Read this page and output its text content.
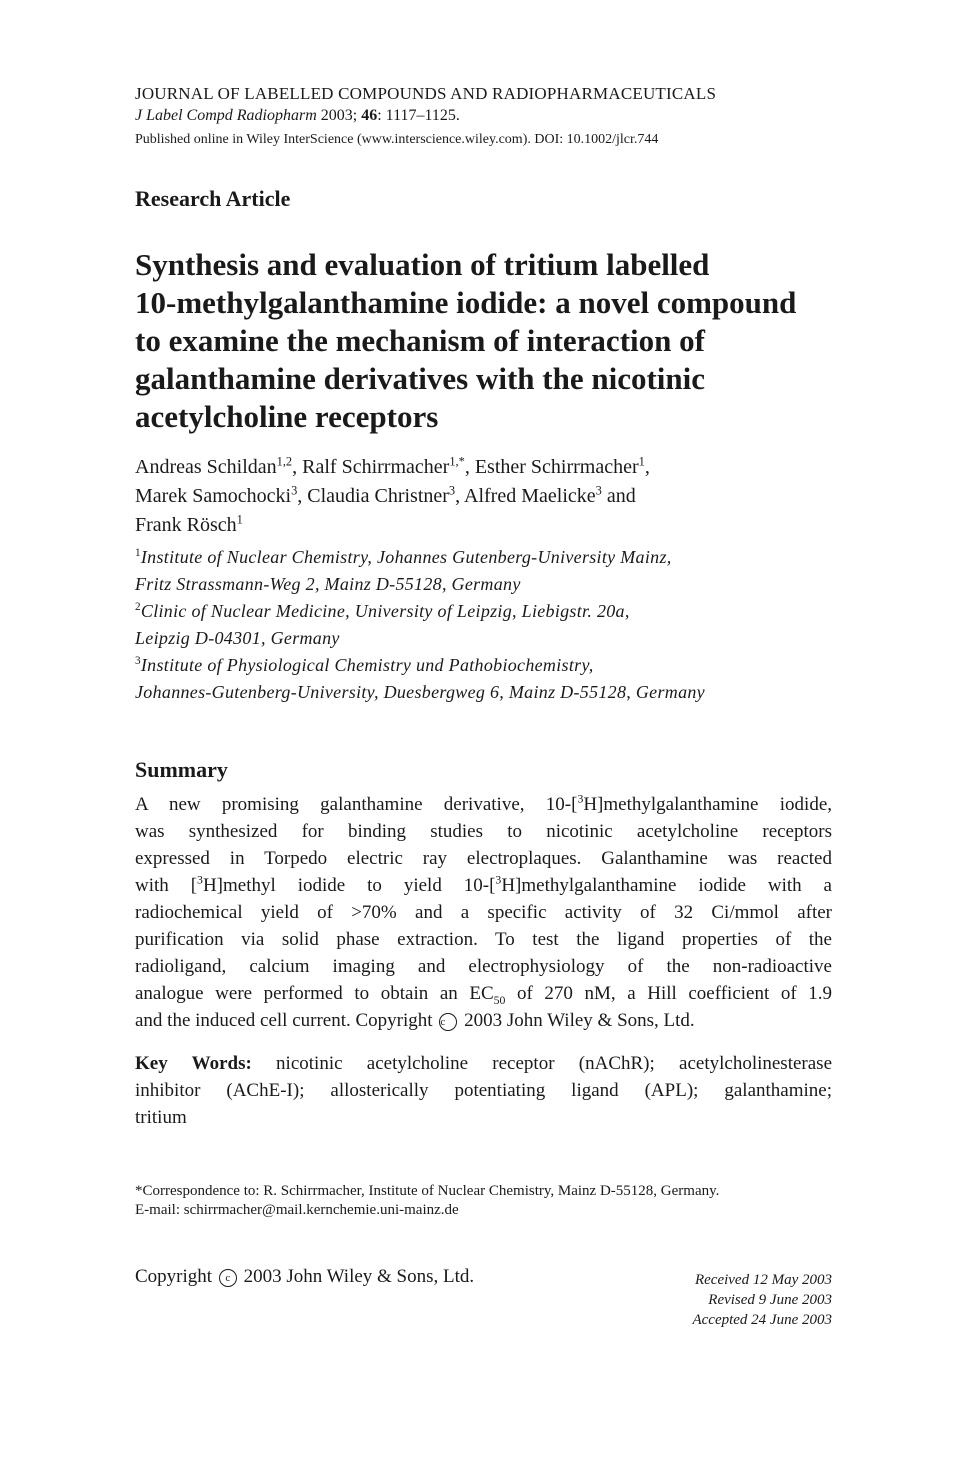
JOURNAL OF LABELLED COMPOUNDS AND RADIOPHARMACEUTICALS
J Label Compd Radiopharm 2003; 46: 1117–1125.
Published online in Wiley InterScience (www.interscience.wiley.com). DOI: 10.1002/jlcr.744
Research Article
Synthesis and evaluation of tritium labelled
10-methylgalanthamine iodide: a novel compound
to examine the mechanism of interaction of
galanthamine derivatives with the nicotinic
acetylcholine receptors
Andreas Schildan$^{1,2}$, Ralf Schirrmacher$^{1,*}$, Esther Schirrmacher$^1$,
Marek Samochocki$^3$, Claudia Christner$^3$, Alfred Maelicke$^3$ and
Frank Rösch$^1$
$^1$Institute of Nuclear Chemistry, Johannes Gutenberg-University Mainz,
Fritz Strassmann-Weg 2, Mainz D-55128, Germany
$^2$Clinic of Nuclear Medicine, University of Leipzig, Liebigstr. 20a,
Leipzig D-04301, Germany
$^3$Institute of Physiological Chemistry und Pathobiochemistry,
Johannes-Gutenberg-University, Duesbergweg 6, Mainz D-55128, Germany
Summary
A new promising galanthamine derivative, 10-[$^3$H]methylgalanthamine iodide,
was synthesized for binding studies to nicotinic acetylcholine receptors
expressed in Torpedo electric ray electroplaques. Galanthamine was reacted
with [$^3$H]methyl iodide to yield 10-[$^3$H]methylgalanthamine iodide with a
radiochemical yield of >70% and a specific activity of 32 Ci/mmol after
purification via solid phase extraction. To test the ligand properties of the
radioligand, calcium imaging and electrophysiology of the non-radioactive
analogue were performed to obtain an $EC_{50}$ of 270 nM, a Hill coefficient of 1.9
and the induced cell current. Copyright c 2003 John Wiley & Sons, Ltd.
Key Words: nicotinic acetylcholine receptor (nAChR); acetylcholinesterase
inhibitor (AChE-I); allosterically potentiating ligand (APL); galanthamine;
tritium
*Correspondence to: R. Schirrmacher, Institute of Nuclear Chemistry, Mainz D-55128, Germany.
E-mail: schirrmacher@mail.kernchemie.uni-mainz.de
Copyright c 2003 John Wiley & Sons, Ltd.	Received 12 May 2003
Revised 9 June 2003
Accepted 24 June 2003
